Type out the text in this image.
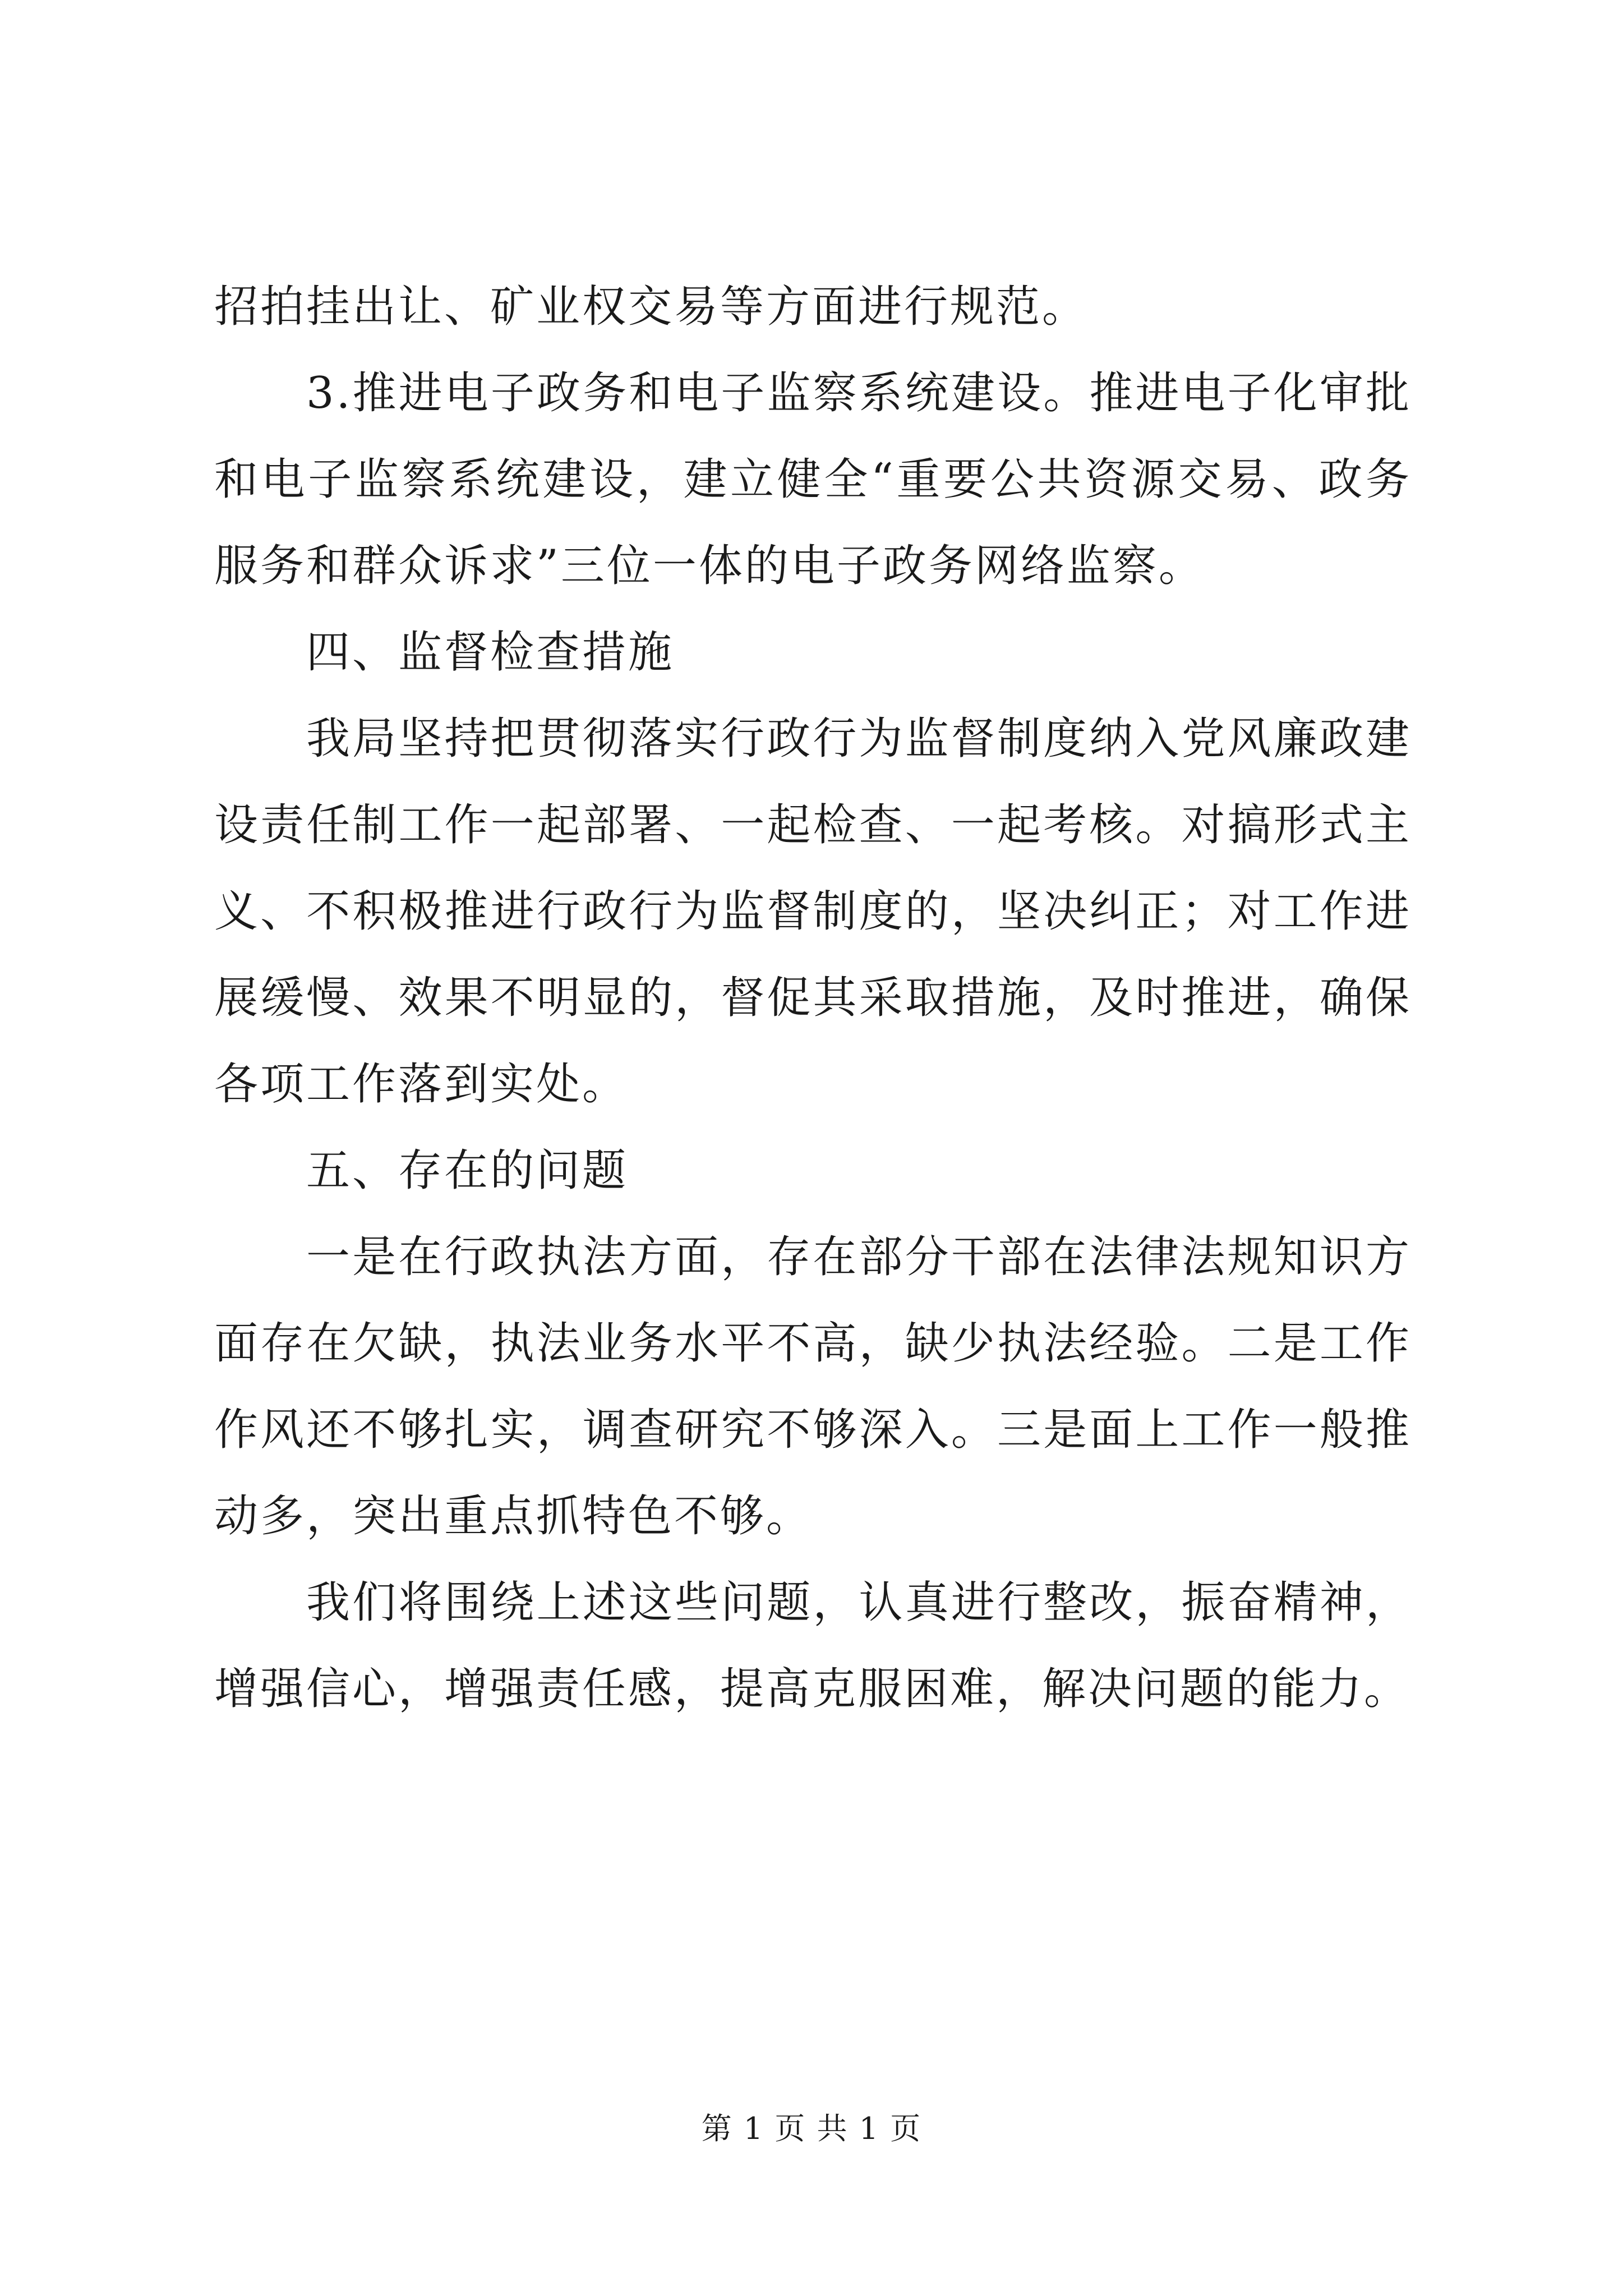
招拍挂出让、矿业权交易等方面进行规范。

3.推进电子政务和电子监察系统建设。推进电子化审批和电子监察系统建设，建立健全“重要公共资源交易、政务服务和群众诉求”三位一体的电子政务网络监察。

四、监督检查措施

我局坚持把贯彻落实行政行为监督制度纳入党风廉政建设责任制工作一起部署、一起检查、一起考核。对搞形式主义、不积极推进行政行为监督制度的，坚决纠正；对工作进展缓慢、效果不明显的，督促其采取措施，及时推进，确保各项工作落到实处。

五、存在的问题

一是在行政执法方面，存在部分干部在法律法规知识方面存在欠缺，执法业务水平不高，缺少执法经验。二是工作作风还不够扎实，调查研究不够深入。三是面上工作一般推动多，突出重点抓特色不够。

我们将围绕上述这些问题，认真进行整改，振奋精神，增强信心，增强责任感，提高克服困难，解决问题的能力。

第 1 页 共 1 页
